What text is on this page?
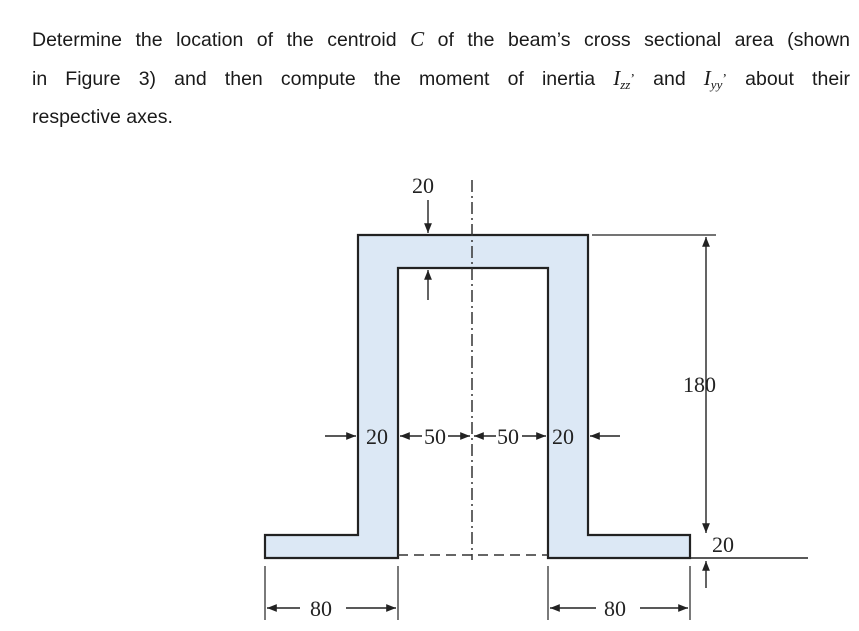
Determine the location of the centroid C of the beam’s cross sectional area (shown
in Figure 3) and then compute the moment of inertia $I_{zz}$’ and $I_{yy}$’ about their
respective axes.
20
180
20
20 50 50 20
80	80
